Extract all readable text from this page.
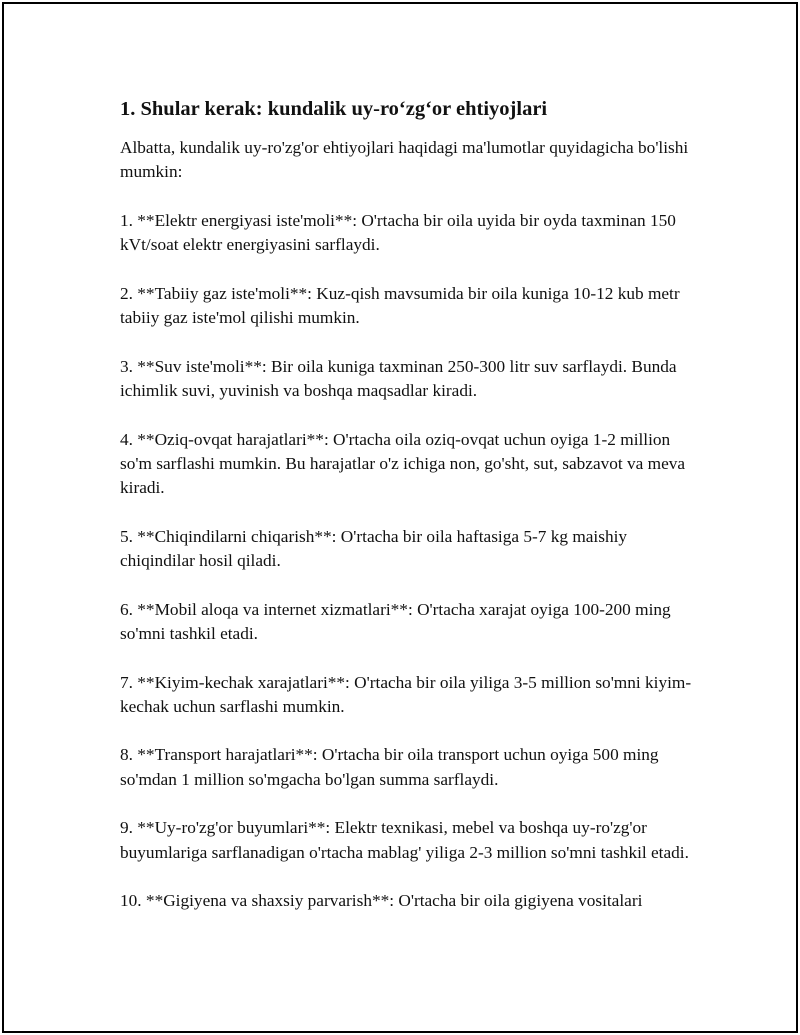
1. Shular kerak: kundalik uy-ro‘zg‘or ehtiyojlari

Albatta, kundalik uy-ro'zg'or ehtiyojlari haqidagi ma'lumotlar quyidagicha bo'lishi mumkin:

1. **Elektr energiyasi iste'moli**: O'rtacha bir oila uyida bir oyda taxminan 150 kVt/soat elektr energiyasini sarflaydi.

2. **Tabiiy gaz iste'moli**: Kuz-qish mavsumida bir oila kuniga 10-12 kub metr tabiiy gaz iste'mol qilishi mumkin.

3. **Suv iste'moli**: Bir oila kuniga taxminan 250-300 litr suv sarflaydi. Bunda ichimlik suvi, yuvinish va boshqa maqsadlar kiradi.

4. **Oziq-ovqat harajatlari**: O'rtacha oila oziq-ovqat uchun oyiga 1-2 million so'm sarflashi mumkin. Bu harajatlar o'z ichiga non, go'sht, sut, sabzavot va meva kiradi.

5. **Chiqindilarni chiqarish**: O'rtacha bir oila haftasiga 5-7 kg maishiy chiqindilar hosil qiladi.

6. **Mobil aloqa va internet xizmatlari**: O'rtacha xarajat oyiga 100-200 ming so'mni tashkil etadi.

7. **Kiyim-kechak xarajatlari**: O'rtacha bir oila yiliga 3-5 million so'mni kiyim-kechak uchun sarflashi mumkin.

8. **Transport harajatlari**: O'rtacha bir oila transport uchun oyiga 500 ming so'mdan 1 million so'mgacha bo'lgan summa sarflaydi.

9. **Uy-ro'zg'or buyumlari**: Elektr texnikasi, mebel va boshqa uy-ro'zg'or buyumlariga sarflanadigan o'rtacha mablag' yiliga 2-3 million so'mni tashkil etadi.

10. **Gigiyena va shaxsiy parvarish**: O'rtacha bir oila gigiyena vositalari
